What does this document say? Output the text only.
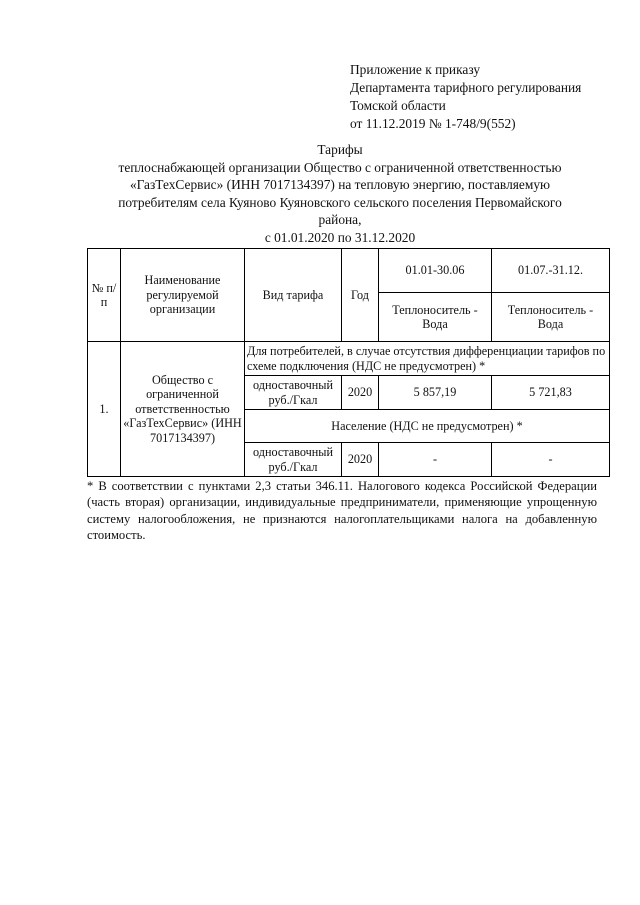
Приложение к приказу
Департамента тарифного регулирования
Томской области
от 11.12.2019 № 1-748/9(552)
Тарифы
теплоснабжающей организации Общество с ограниченной ответственностью
«ГазТехСервис» (ИНН 7017134397) на тепловую энергию, поставляемую
потребителям села Куяново Куяновского сельского поселения Первомайского
района,
с 01.01.2020 по 31.12.2020
№ п/п	Наименование регулируемой организации	Вид тарифа	Год	01.01-30.06	01.07.-31.12.
				Теплоноситель - Вода	Теплоноситель - Вода
1.	Общество с ограниченной ответственностью «ГазТехСервис» (ИНН 7017134397)	Для потребителей, в случае отсутствия дифференциации тарифов по схеме подключения (НДС не предусмотрен) *			
		одноставочный руб./Гкал	2020	5 857,19	5 721,83
		Население (НДС не предусмотрен) *			
		одноставочный руб./Гкал	2020	-	-
* В соответствии с пунктами 2,3 статьи 346.11. Налогового кодекса Российской Федерации (часть вторая) организации, индивидуальные предприниматели, применяющие упрощенную систему налогообложения, не признаются налогоплательщиками налога на добавленную стоимость.
